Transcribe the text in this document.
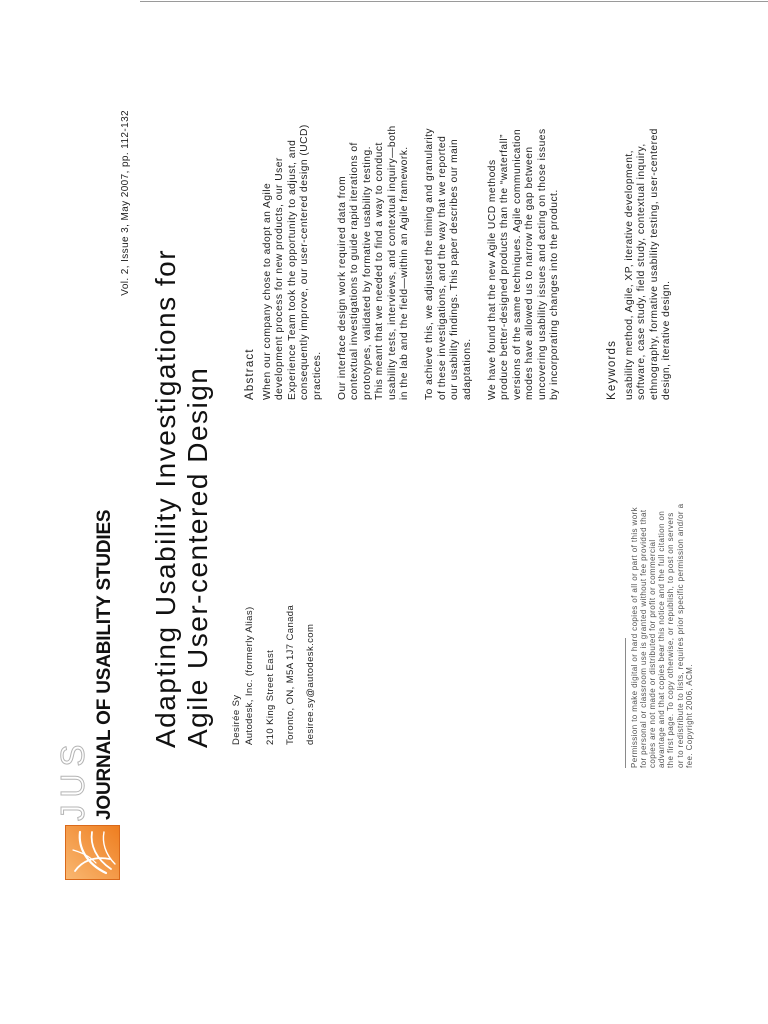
JUS JOURNAL OF USABILITY STUDIES
Vol. 2, Issue 3, May 2007, pp. 112-132
Adapting Usability Investigations for Agile User-centered Design Desirée Sy Autodesk, Inc. (formerly Alias) 210 King Street East Toronto, ON, M5A 1J7 Canada desiree.sy@autodesk.com
Abstract When our company chose to adopt an Agile development process for new products, our User Experience Team took the opportunity to adjust, and consequently improve, our user-centered design (UCD) practices. Our interface design work required data from contextual investigations to guide rapid iterations of prototypes, validated by formative usability testing. This meant that we needed to find a way to conduct usability tests, interviews, and contextual inquiry—both in the lab and the field—within an Agile framework. To achieve this, we adjusted the timing and granularity of these investigations, and the way that we reported our usability findings. This paper describes our main adaptations. We have found that the new Agile UCD methods produce better-designed products than the “waterfall” versions of the same techniques. Agile communication modes have allowed us to narrow the gap between uncovering usability issues and acting on those issues by incorporating changes into the product.	Keywords usability method, Agile, XP, iterative development, software, case study, field study, contextual inquiry, ethnography, formative usability testing, user-centered design, iterative design.
Permission to make digital or hard copies of all or part of this work for personal or classroom use is granted without fee provided that copies are not made or distributed for profit or commercial advantage and that copies bear this notice and the full citation on the first page. To copy otherwise, or republish, to post on servers or to redistribute to lists, requires prior specific permission and/or a fee. Copyright 2006, ACM.
